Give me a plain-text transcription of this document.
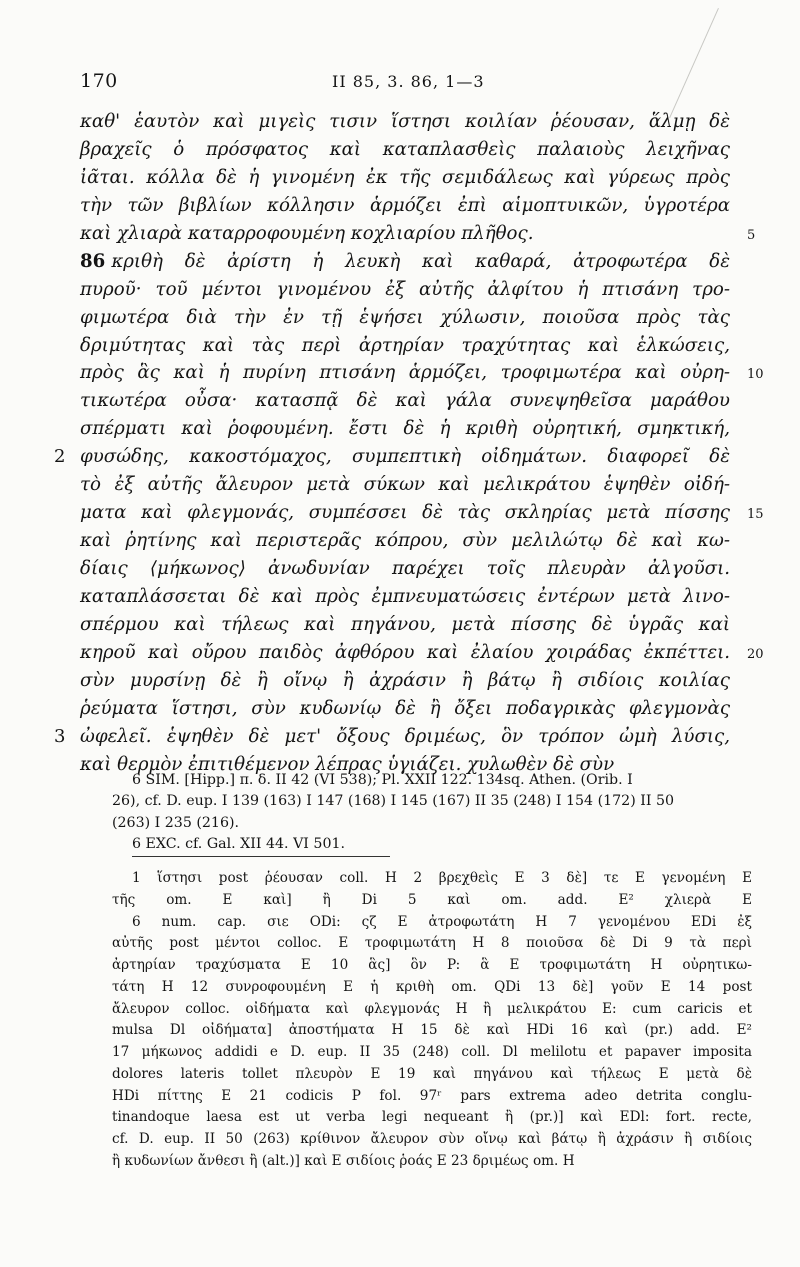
170	II 85, 3. 86, 1—3
καθ' ἑαυτὸν καὶ μιγεὶς τισιν ἵστησι κοιλίαν ῥέουσαν, ἅλμῃ δὲ
βραχεῖς ὁ πρόσφατος καὶ καταπλασθεὶς παλαιοὺς λειχῆνας
ἰᾶται. κόλλα δὲ ἡ γινομένη ἐκ τῆς σεμιδάλεως καὶ γύρεως πρὸς
τὴν τῶν βιβλίων κόλλησιν ἁρμόζει ἐπὶ αἱμοπτυικῶν, ὑγροτέρα
καὶ χλιαρὰ καταρροφουμένη κοχλιαρίου πλῆθος.	5
86 κριθὴ δὲ ἀρίστη ἡ λευκὴ καὶ καθαρά, ἀτροφωτέρα δὲ
πυροῦ· τοῦ μέντοι γινομένου ἐξ αὐτῆς ἀλφίτου ἡ πτισάνη τρο-
φιμωτέρα διὰ τὴν ἐν τῇ ἑψήσει χύλωσιν, ποιοῦσα πρὸς τὰς
δριμύτητας καὶ τὰς περὶ ἀρτηρίαν τραχύτητας καὶ ἑλκώσεις,
πρὸς ἃς καὶ ἡ πυρίνη πτισάνη ἁρμόζει, τροφιμωτέρα καὶ οὐρη- 10
τικωτέρα οὖσα· κατασπᾷ δὲ καὶ γάλα συνεψηθεῖσα μαράθου
σπέρματι καὶ ῥοφουμένη. ἔστι δὲ ἡ κριθὴ οὐρητική, σμηκτική,
2 φυσώδης, κακοστόμαχος, συμπεπτικὴ οἰδημάτων. διαφορεῖ δὲ
τὸ ἐξ αὐτῆς ἄλευρον μετὰ σύκων καὶ μελικράτου ἑψηθὲν οἰδή-
ματα καὶ φλεγμονάς, συμπέσσει δὲ τὰς σκληρίας μετὰ πίσσης 15
καὶ ῥητίνης καὶ περιστερᾶς κόπρου, σὺν μελιλώτῳ δὲ καὶ κω-
δίαις ⟨μήκωνος⟩ ἀνωδυνίαν παρέχει τοῖς πλευρὰν ἀλγοῦσι.
καταπλάσσεται δὲ καὶ πρὸς ἐμπνευματώσεις ἐντέρων μετὰ λινο-
σπέρμου καὶ τήλεως καὶ πηγάνου, μετὰ πίσσης δὲ ὑγρᾶς καὶ
κηροῦ καὶ οὔρου παιδὸς ἀφθόρου καὶ ἐλαίου χοιράδας ἐκπέττει. 20
σὺν μυρσίνῃ δὲ ἢ οἴνῳ ἢ ἀχράσιν ἢ βάτῳ ἢ σιδίοις κοιλίας
ῥεύματα ἵστησι, σὺν κυδωνίῳ δὲ ἢ ὄξει ποδαγρικὰς φλεγμονὰς
3 ὠφελεῖ. ἑψηθὲν δὲ μετ' ὄξους δριμέως, ὃν τρόπον ὠμὴ λύσις,
καὶ θερμὸν ἐπιτιθέμενον λέπρας ὑγιάζει. χυλωθὲν δὲ σὺν
6 SIM. [Hipp.] π. δ. II 42 (VI 538); Pl. XXII 122. 134sq. Athen. (Orib. I
26), cf. D. eup. I 139 (163) I 147 (168) I 145 (167) II 35 (248) I 154 (172) II 50
(263) I 235 (216).
6 EXC. cf. Gal. XII 44. VI 501.
1 ἵστησι post ῥέουσαν coll. H 2 βρεχθεὶς E 3 δὲ] τε E γενομένη E
τῆς om. E καὶ] ἢ Di 5 καὶ om. add. E² χλιερὰ E
6 num. cap. σιε ODi: ςζ E ἀτροφωτάτη H 7 γενομένου EDi ἐξ
αὐτῆς post μέντοι colloc. E τροφιμωτάτη H 8 ποιοῦσα δὲ Di 9 τὰ περὶ
ἀρτηρίαν τραχύσματα E 10 ἃς] ὃν P: ἃ E τροφιμωτάτη H οὐρητικω-
τάτη H 12 συνροφουμένη E ἡ κριθὴ om. QDi 13 δὲ] γοῦν E 14 post
ἄλευρον colloc. οἰδήματα καὶ φλεγμονάς H ἢ μελικράτου E: cum caricis et
mulsa Dl οἰδήματα] ἀποστήματα H 15 δὲ καὶ HDi 16 καὶ (pr.) add. E²
17 μήκωνος addidi e D. eup. II 35 (248) coll. Dl melilotu et papaver imposita
dolores lateris tollet πλευρὸν E 19 καὶ πηγάνου καὶ τήλεως E μετὰ δὲ
HDi πίττης E 21 codicis P fol. 97ʳ pars extrema adeo detrita conglu-
tinandoque laesa est ut verba legi nequeant ἢ (pr.)] καὶ EDl: fort. recte,
cf. D. eup. II 50 (263) κρίθινον ἄλευρον σὺν οἴνῳ καὶ βάτῳ ἢ ἀχράσιν ἢ σιδίοις
ἢ κυδωνίων ἄνθεσι ἢ (alt.)] καὶ E σιδίοις ῥοάς E 23 δριμέως om. H
